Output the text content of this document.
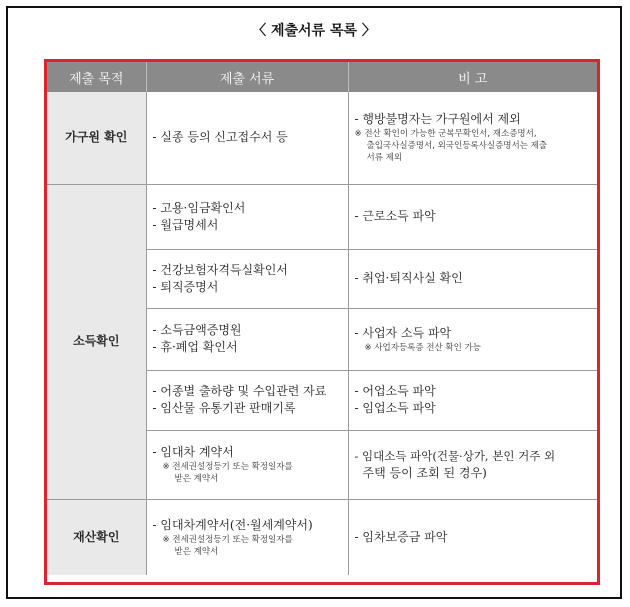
〈 제출서류 목록 〉
제출 목적	제출 서류	비 고
가구원 확인	- 실종 등의 신고접수서 등	- 행방불명자는 가구원에서 제외
※ 전산 확인이 가능한 군복무확인서, 재소증명서,
출입국사실증명서, 외국인등록사실증명서는 제출
서류 제외

소득확인	- 고용·임금확인서
- 월급명세서	- 근로소득 파악

	- 건강보험자격득실확인서
- 퇴직증명서	- 취업·퇴직사실 확인

	- 소득금액증명원
- 휴·폐업 확인서	- 사업자 소득 파악
※ 사업자등록증 전산 확인 가능

	- 어종별 출하량 및 수입관련 자료
- 임산물 유통기관 판매기록	- 어업소득 파악
- 임업소득 파악

	- 임대차 계약서
※ 전세권설정등기 또는 확정일자를
받은 계약서	- 임대소득 파악(건물·상가, 본인 거주 외
주택 등이 조회 된 경우)

재산확인	- 임대차계약서(전·월세계약서)
※ 전세권설정등기 또는 확정일자를
받은 계약서	- 임차보증금 파악
